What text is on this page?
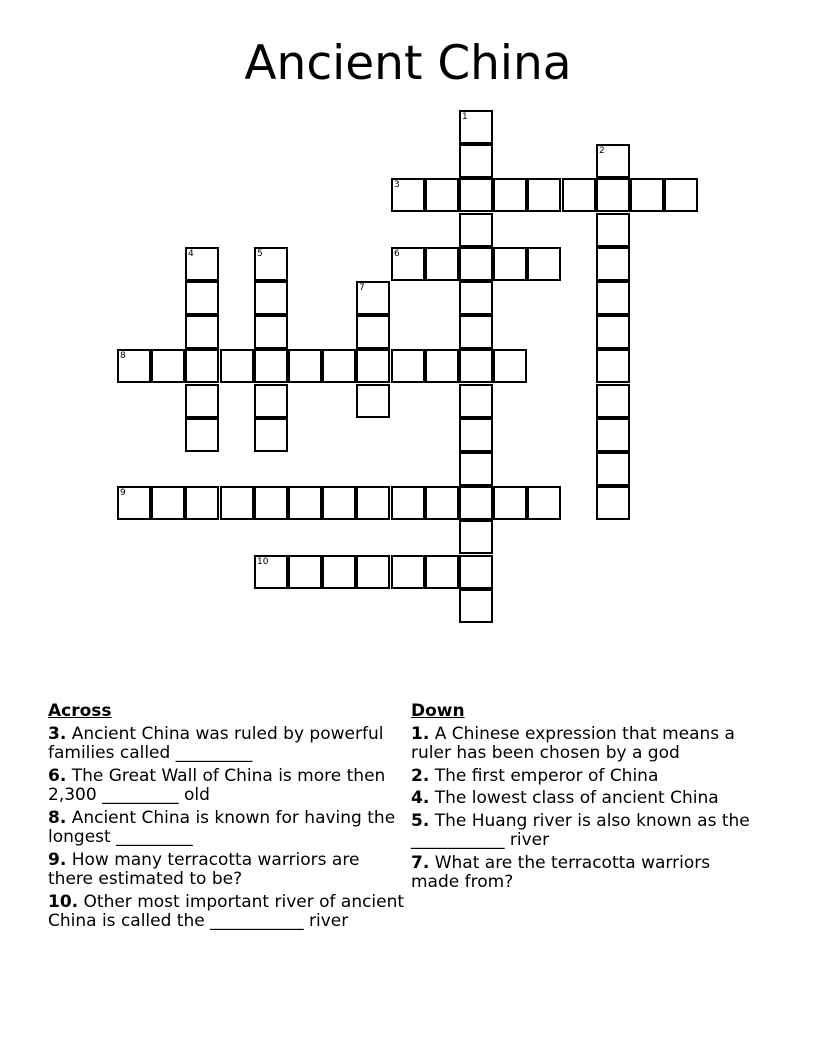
Ancient China
1
2
3
4	5	6
7
8
9
10
Across
3. Ancient China was ruled by powerful families called _________
6. The Great Wall of China is more then 2,300 _________ old
8. Ancient China is known for having the longest _________
9. How many terracotta warriors are there estimated to be?
10. Other most important river of ancient China is called the ___________ river
Down
1. A Chinese expression that means a ruler has been chosen by a god
2. The first emperor of China
4. The lowest class of ancient China
5. The Huang river is also known as the ___________ river
7. What are the terracotta warriors made from?
